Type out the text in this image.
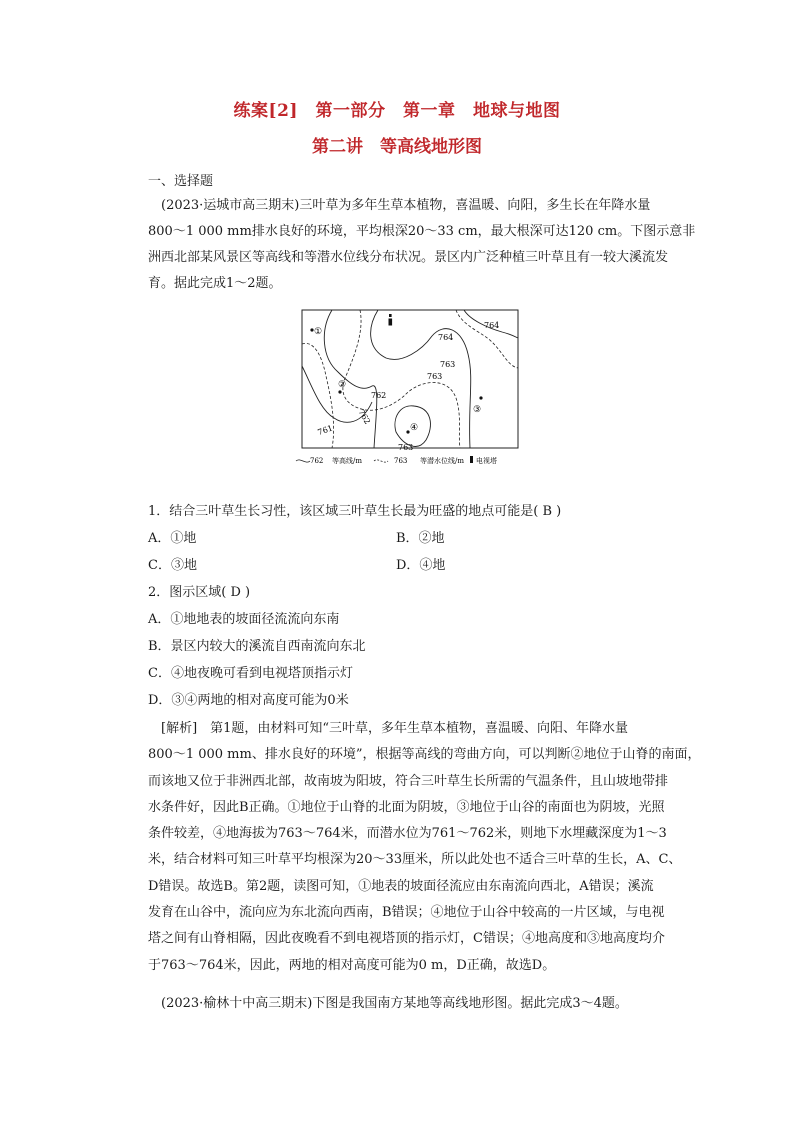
练案[2]　第一部分　第一章　地球与地图
第二讲　等高线地形图
一、选择题
(2023·运城市高三期末)三叶草为多年生草本植物，喜温暖、向阳，多生长在年降水量
800～1 000 mm排水良好的环境，平均根深20～33 cm，最大根深可达120 cm。下图示意非
洲西北部某风景区等高线和等潜水位线分布状况。景区内广泛种植三叶草且有一较大溪流发
育。据此完成1～2题。
①
②
③
④
764
764
763
763
762
762
761
763
762 等高线/m	763 等潜水位线/m 电视塔
1．结合三叶草生长习性，该区域三叶草生长最为旺盛的地点可能是( B )
A．①地	B．②地
C．③地	D．④地
2．图示区域( D )
A．①地地表的坡面径流流向东南
B．景区内较大的溪流自西南流向东北
C．④地夜晚可看到电视塔顶指示灯
D．③④两地的相对高度可能为0米
[解析]　第1题，由材料可知“三叶草，多年生草本植物，喜温暖、向阳、年降水量
800～1 000 mm、排水良好的环境”，根据等高线的弯曲方向，可以判断②地位于山脊的南面，
而该地又位于非洲西北部，故南坡为阳坡，符合三叶草生长所需的气温条件，且山坡地带排
水条件好，因此B正确。①地位于山脊的北面为阴坡，③地位于山谷的南面也为阴坡，光照
条件较差，④地海拔为763～764米，而潜水位为761～762米，则地下水埋藏深度为1～3
米，结合材料可知三叶草平均根深为20～33厘米，所以此处也不适合三叶草的生长，A、C、
D错误。故选B。第2题，读图可知，①地表的坡面径流应由东南流向西北，A错误；溪流
发育在山谷中，流向应为东北流向西南，B错误；④地位于山谷中较高的一片区域，与电视
塔之间有山脊相隔，因此夜晚看不到电视塔顶的指示灯，C错误；④地高度和③地高度均介
于763～764米，因此，两地的相对高度可能为0 m，D正确，故选D。
(2023·榆林十中高三期末)下图是我国南方某地等高线地形图。据此完成3～4题。
